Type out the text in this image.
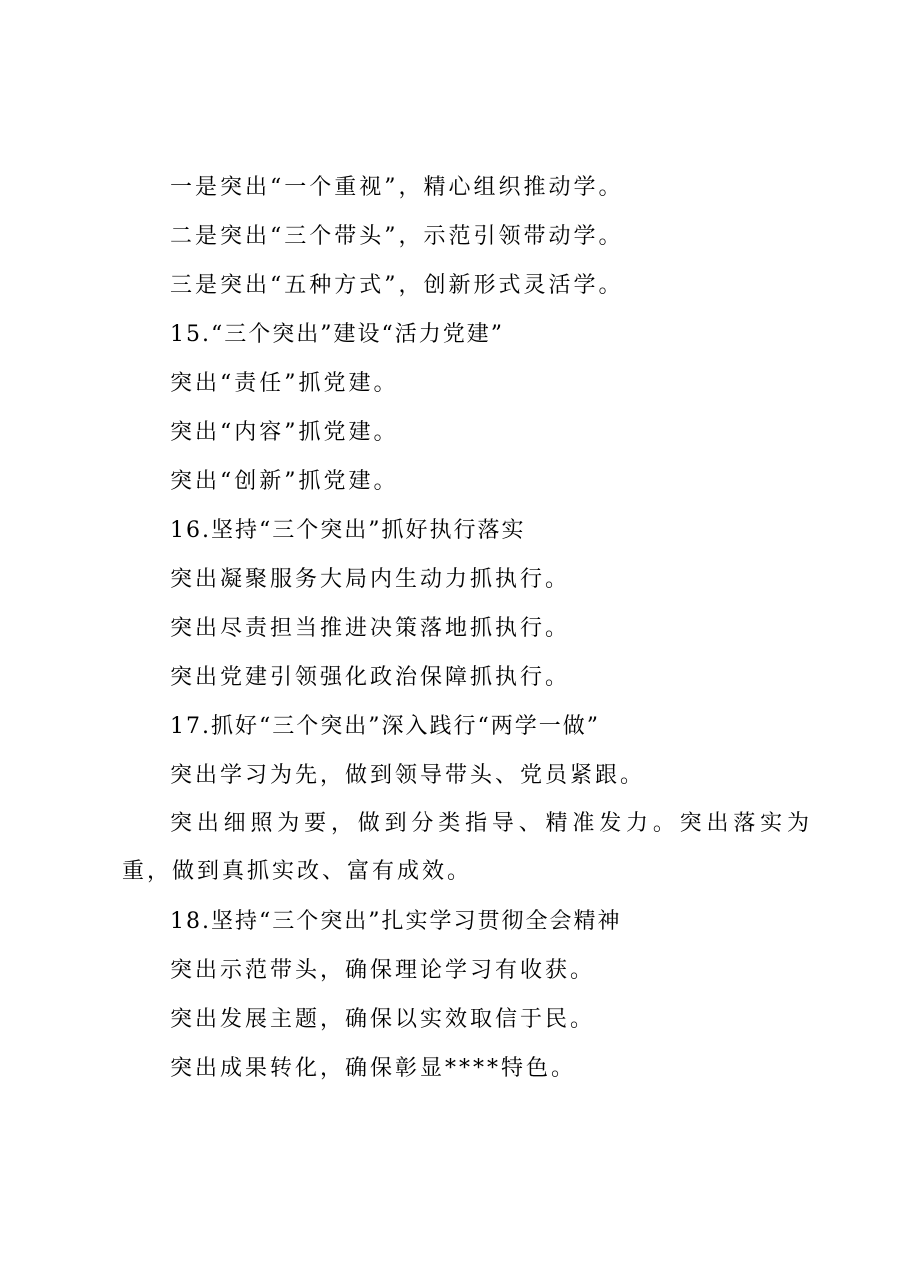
一是突出“一个重视”，精心组织推动学。
二是突出“三个带头”，示范引领带动学。
三是突出“五种方式”，创新形式灵活学。
15.“三个突出”建设“活力党建”
突出“责任”抓党建。
突出“内容”抓党建。
突出“创新”抓党建。
16.坚持“三个突出”抓好执行落实
突出凝聚服务大局内生动力抓执行。
突出尽责担当推进决策落地抓执行。
突出党建引领强化政治保障抓执行。
17.抓好“三个突出”深入践行“两学一做”
突出学习为先，做到领导带头、党员紧跟。
突出细照为要，做到分类指导、精准发力。突出落实为重，做到真抓实改、富有成效。
18.坚持“三个突出”扎实学习贯彻全会精神
突出示范带头，确保理论学习有收获。
突出发展主题，确保以实效取信于民。
突出成果转化，确保彰显****特色。
